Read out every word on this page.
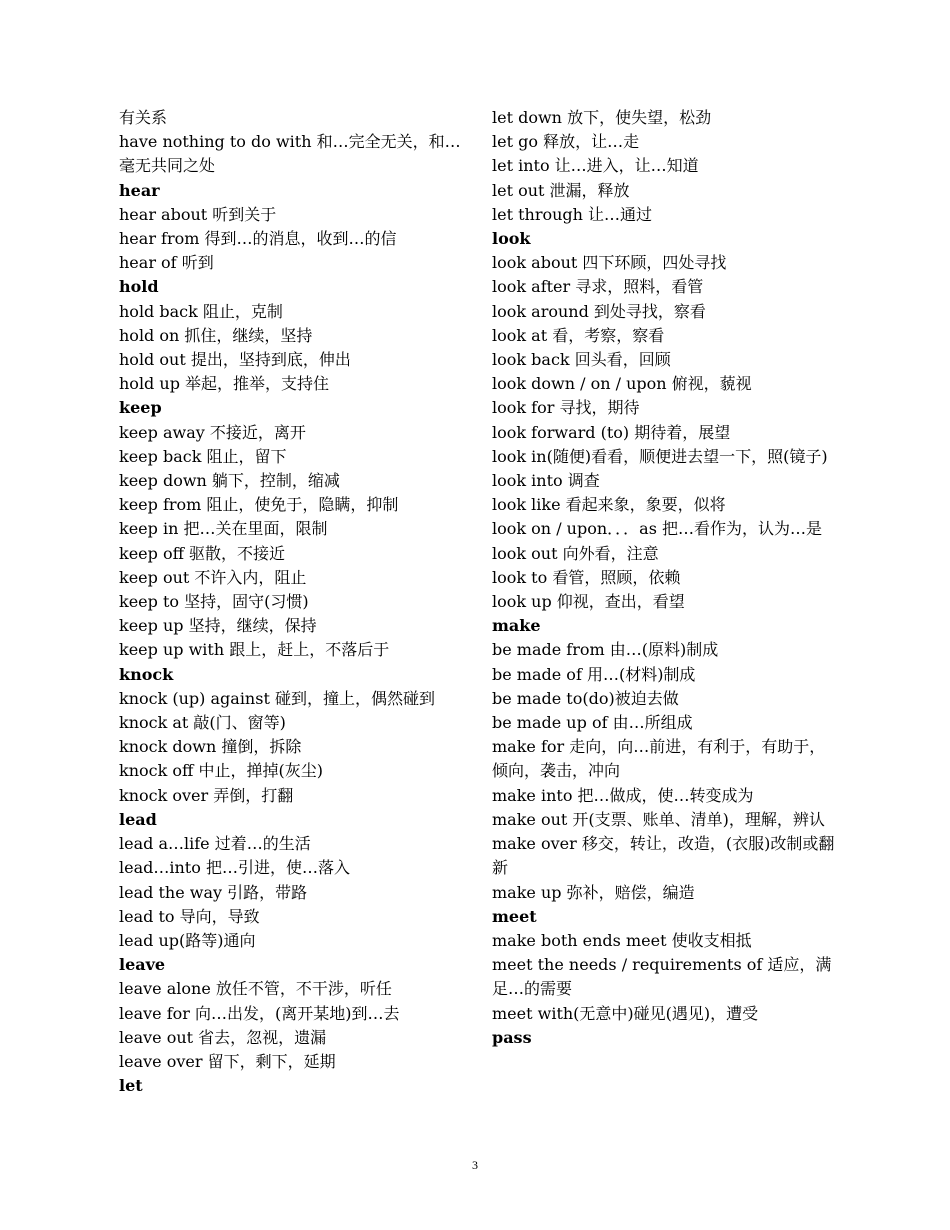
有关系
have nothing to do with 和…完全无关，和…
毫无共同之处
hear
hear about 听到关于
hear from 得到…的消息，收到…的信
hear of 听到
hold
hold back 阻止，克制
hold on 抓住，继续，坚持
hold out 提出，坚持到底，伸出
hold up 举起，推举，支持住
keep
keep away 不接近，离开
keep back 阻止，留下
keep down 躺下，控制，缩减
keep from 阻止，使免于，隐瞒，抑制
keep in 把…关在里面，限制
keep off 驱散，不接近
keep out 不许入内，阻止
keep to 坚持，固守(习惯)
keep up 坚持，继续，保持
keep up with 跟上，赶上，不落后于
knock
knock (up) against 碰到，撞上，偶然碰到
knock at 敲(门、窗等)
knock down 撞倒，拆除
knock off 中止，掸掉(灰尘)
knock over 弄倒，打翻
lead
lead a…life 过着…的生活
lead…into 把…引进，使…落入
lead the way 引路，带路
lead to 导向，导致
lead up(路等)通向
leave
leave alone 放任不管，不干涉，听任
leave for 向…出发，(离开某地)到…去
leave out 省去，忽视，遗漏
leave over 留下，剩下，延期
let
let down 放下，使失望，松劲
let go 释放，让…走
let into 让…进入，让…知道
let out 泄漏，释放
let through 让…通过
look
look about 四下环顾，四处寻找
look after 寻求，照料，看管
look around 到处寻找，察看
look at 看，考察，察看
look back 回头看，回顾
look down / on / upon 俯视，藐视
look for 寻找，期待
look forward (to) 期待着，展望
look in(随便)看看，顺便进去望一下，照(镜子)
look into 调查
look like 看起来象，象要，似将
look on / upon．．．as 把…看作为，认为…是
look out 向外看，注意
look to 看管，照顾，依赖
look up 仰视，查出，看望
make
be made from 由…(原料)制成
be made of 用…(材料)制成
be made to(do)被迫去做
be made up of 由…所组成
make for 走向，向…前进，有利于，有助于，倾向，袭击，冲向
make into 把…做成，使…转变成为
make out 开(支票、账单、清单)，理解，辨认
make over 移交，转让，改造，(衣服)改制或翻新
make up 弥补，赔偿，编造
meet
make both ends meet 使收支相抵
meet the needs / requirements of 适应，满足…的需要
meet with(无意中)碰见(遇见)，遭受
pass
3
